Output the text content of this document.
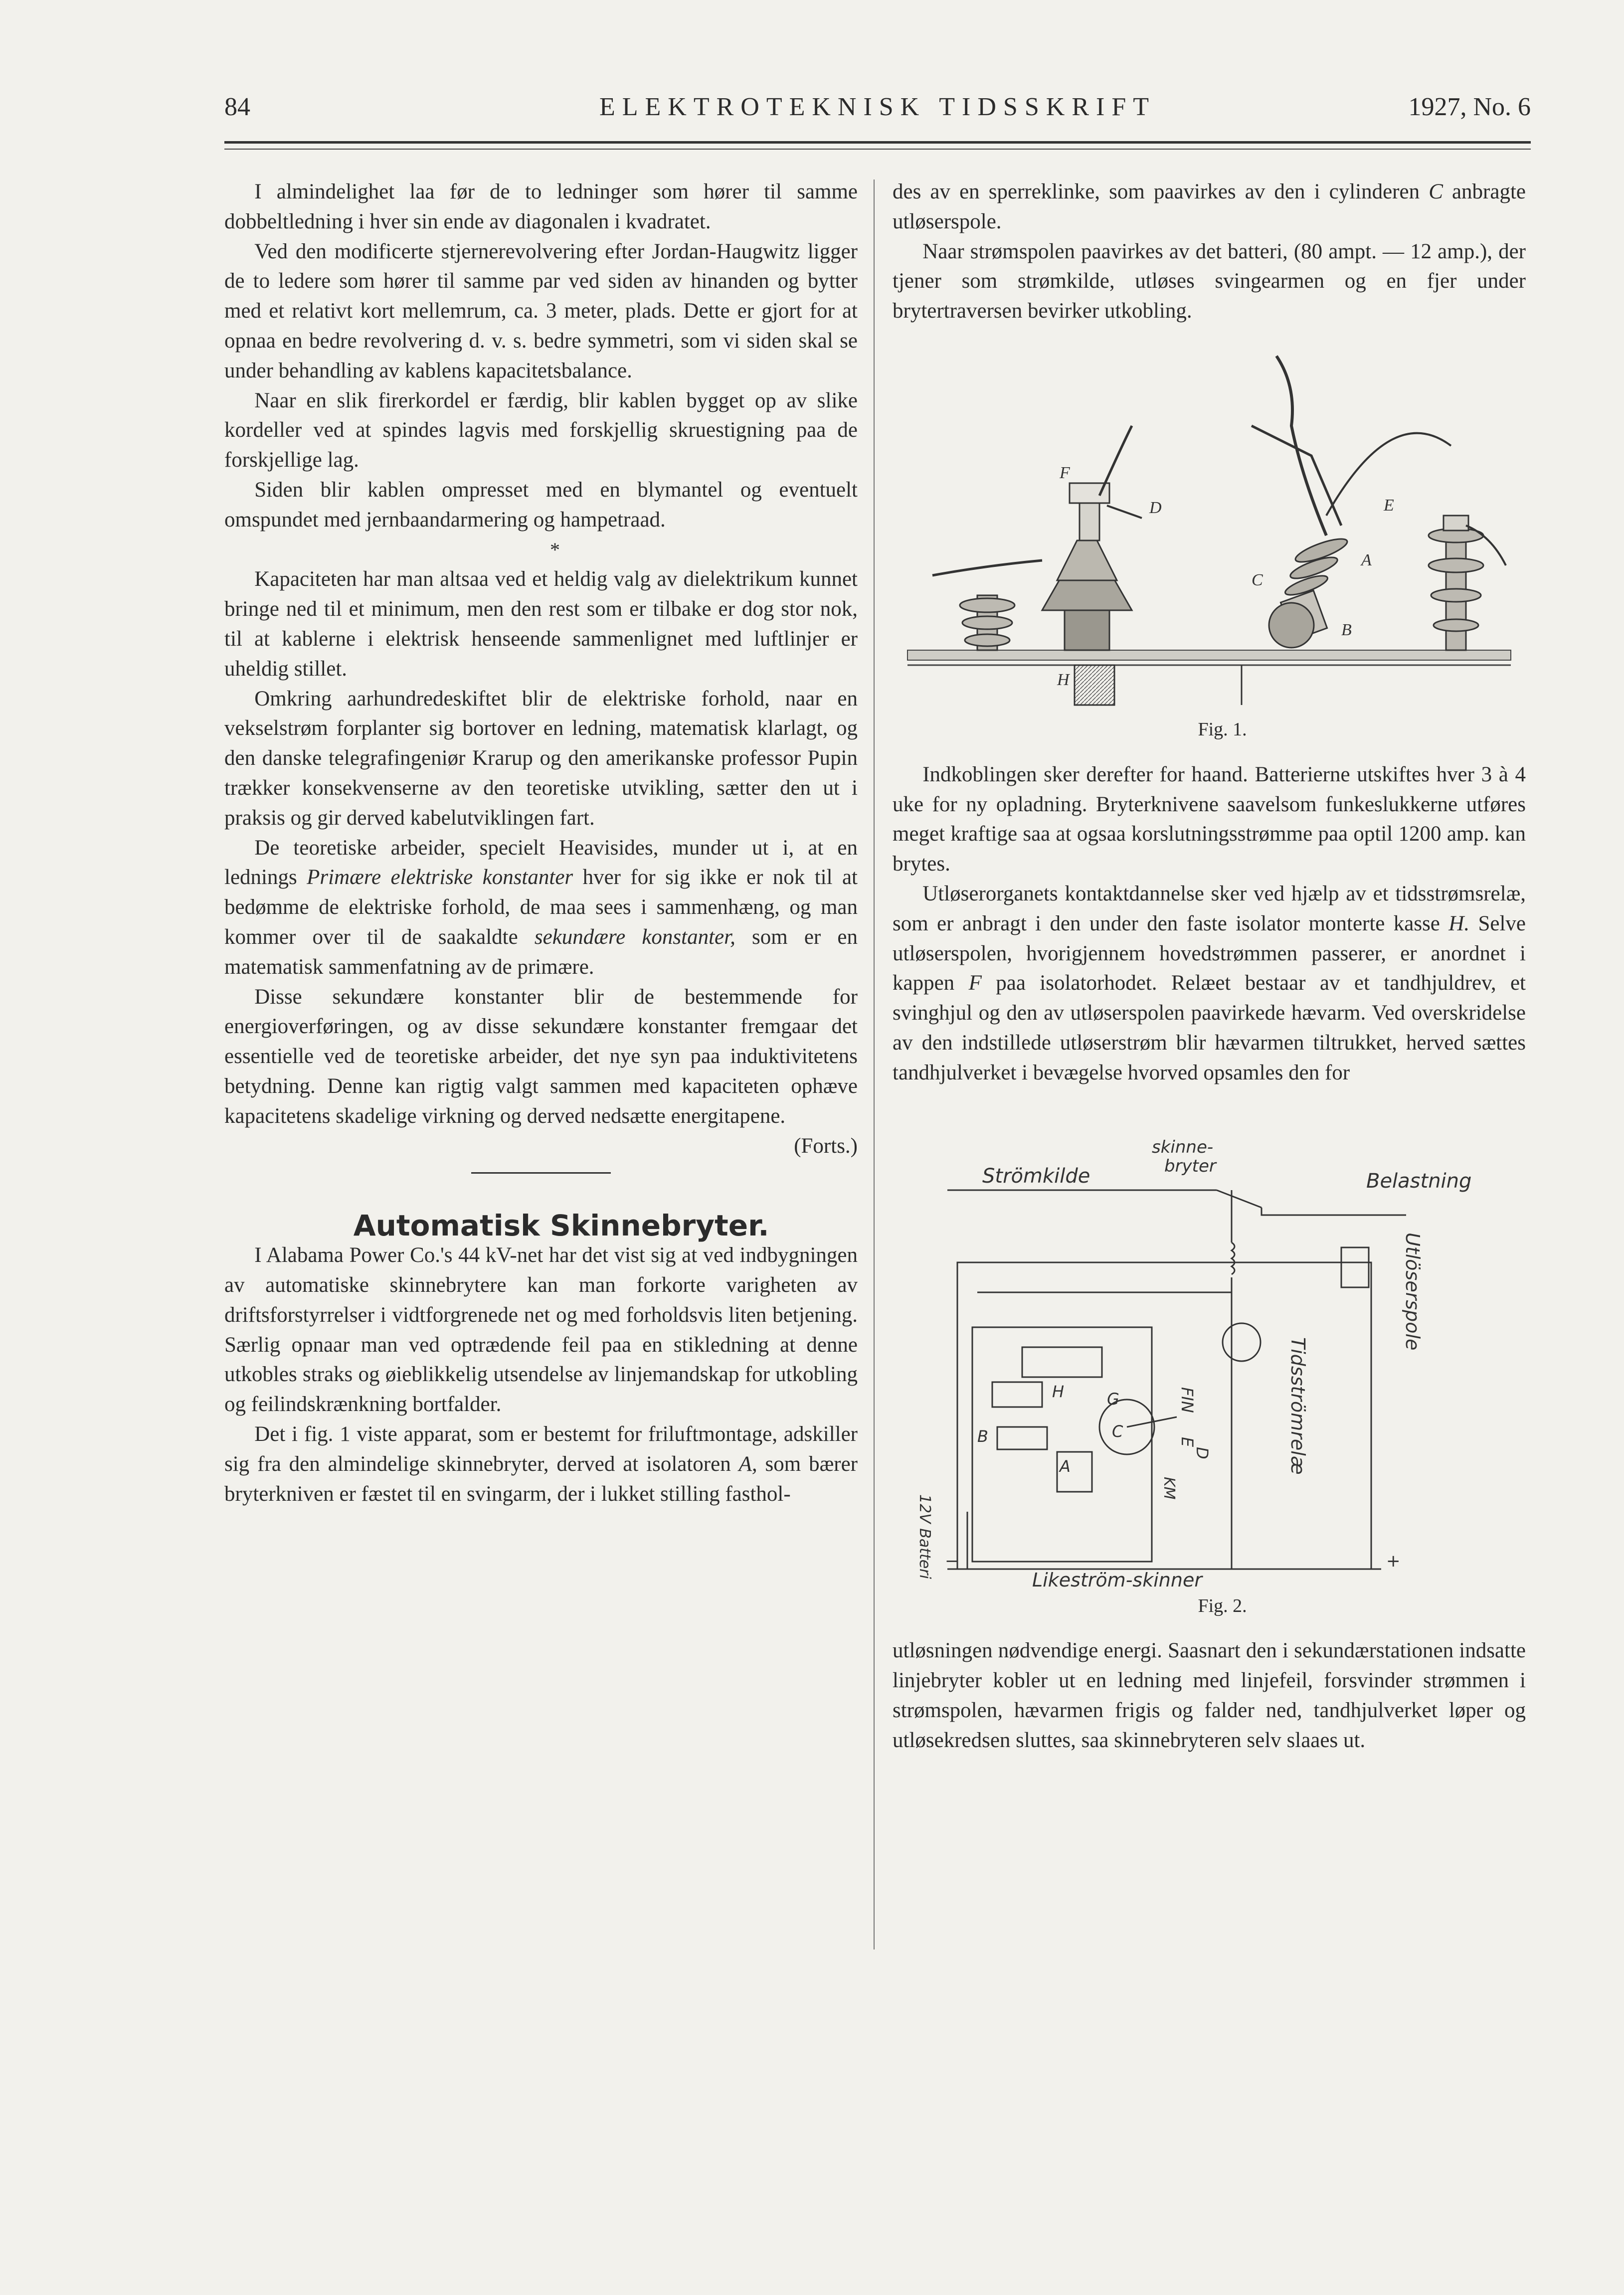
84	ELEKTROTEKNISK TIDSSKRIFT	1927, No. 6

I almindelighet laa før de to ledninger som hører til samme dobbeltledning i hver sin ende av diagonalen i kvadratet.

Ved den modificerte stjernerevolvering efter Jordan-Haugwitz ligger de to ledere som hører til samme par ved siden av hinanden og bytter med et relativt kort mellemrum, ca. 3 meter, plads. Dette er gjort for at opnaa en bedre revolvering d. v. s. bedre symmetri, som vi siden skal se under behandling av kablens kapacitetsbalance.

Naar en slik firerkordel er færdig, blir kablen bygget op av slike kordeller ved at spindes lagvis med forskjellig skruestigning paa de forskjellige lag.

Siden blir kablen ompresset med en blymantel og eventuelt omspundet med jernbaandarmering og hampetraad.

*

Kapaciteten har man altsaa ved et heldig valg av dielektrikum kunnet bringe ned til et minimum, men den rest som er tilbake er dog stor nok, til at kablerne i elektrisk henseende sammenlignet med luftlinjer er uheldig stillet.

Omkring aarhundredeskiftet blir de elektriske forhold, naar en vekselstrøm forplanter sig bortover en ledning, matematisk klarlagt, og den danske telegrafingeniør Krarup og den amerikanske professor Pupin trækker konsekvenserne av den teoretiske utvikling, sætter den ut i praksis og gir derved kabelutviklingen fart.

De teoretiske arbeider, specielt Heavisides, munder ut i, at en lednings Primære elektriske konstanter hver for sig ikke er nok til at bedømme de elektriske forhold, de maa sees i sammenhæng, og man kommer over til de saakaldte sekundære konstanter, som er en matematisk sammenfatning av de primære.

Disse sekundære konstanter blir de bestemmende for energioverføringen, og av disse sekundære konstanter fremgaar det essentielle ved de teoretiske arbeider, det nye syn paa induktivitetens betydning. Denne kan rigtig valgt sammen med kapaciteten ophæve kapacitetens skadelige virkning og derved nedsætte energitapene.
(Forts.)

Automatisk Skinnebryter.

I Alabama Power Co.'s 44 kV-net har det vist sig at ved indbygningen av automatiske skinnebrytere kan man forkorte varigheten av driftsforstyrrelser i vidtforgrenede net og med forholdsvis liten betjening. Særlig opnaar man ved optrædende feil paa en stikledning at denne utkobles straks og øieblikkelig utsendelse av linjemandskap for utkobling og feilindskrænkning bortfalder.

Det i fig. 1 viste apparat, som er bestemt for friluftmontage, adskiller sig fra den almindelige skinnebryter, derved at isolatoren A, som bærer bryterkniven er fæstet til en svingarm, der i lukket stilling fasthol-

des av en sperreklinke, som paavirkes av den i cylinderen C anbragte utløserspole.

Naar strømspolen paavirkes av det batteri, (80 ampt. — 12 amp.), der tjener som strømkilde, utløses svingearmen og en fjer under brytertraversen bevirker utkobling.

F
D	E
A
C
B
H

Fig. 1.

Indkoblingen sker derefter for haand. Batterierne utskiftes hver 3 à 4 uke for ny opladning. Bryterknivene saavelsom funkeslukkerne utføres meget kraftige saa at ogsaa korslutningsstrømme paa optil 1200 amp. kan brytes.

Utløserorganets kontaktdannelse sker ved hjælp av et tidsstrømsrelæ, som er anbragt i den under den faste isolator monterte kasse H. Selve utløserspolen, hvorigjennem hovedstrømmen passerer, er anordnet i kappen F paa isolatorhodet. Relæet bestaar av et tandhjuldrev, et svinghjul og den av utløserspolen paavirkede hævarm. Ved overskridelse av den indstillede utløserstrøm blir hævarmen tiltrukket, herved sættes tandhjulverket i bevægelse hvorved opsamles den for

skinne-
bryter
Strömkilde	Belastning
Utlöserspole
Tidsströmrelæ
FIN
E
D
H	G
B
A
C
KM
12V Batteri
Likeström-skinner
−	+

Fig. 2.

utløsningen nødvendige energi. Saasnart den i sekundærstationen indsatte linjebryter kobler ut en ledning med linjefeil, forsvinder strømmen i strømspolen, hævarmen frigis og falder ned, tandhjulverket løper og utløsekredsen sluttes, saa skinnebryteren selv slaaes ut.
